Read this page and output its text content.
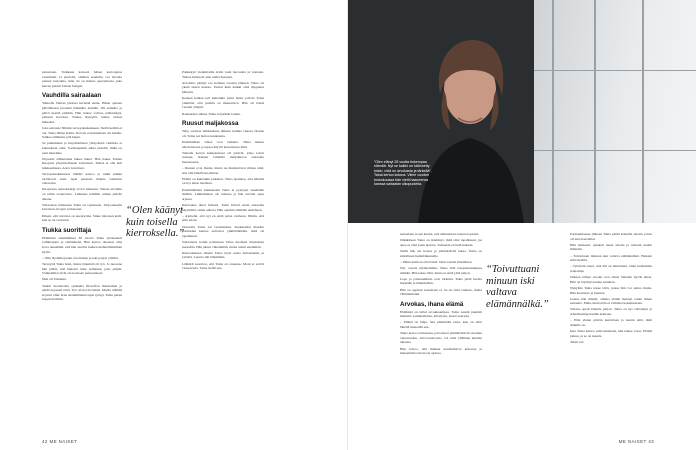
paistetaan. Tarkkaan katsoen hänen kasvojensa vasemmal- la puolella, ohimon seudulla, voi havaita pienen varjoama- man. Se on muisto operaatiosta, joka kerran pelasti Tainan hengen.

Vauhdilla sairaalaan

Tahkolla Tainan jaloissa kivistää ensin. Hänet ajetaan päivälliseen puoleltä läheisille laduille. Oli aamulla ja päivä kestää pitkään. Hän tuntee vahvaa päänsärkyä, paineen korvissa. Tuntee täyteyttä, tuntee olonsa heikoksi.

Joka sairaana Nilsiän terveyskeskukseen. Siellä ketään ei ole. Taina lähtee kotiin. Kotona ei kuitenkaan ole ketään. Sulkee silmänsä, pää kipeä.

Se puhumisen ja kirjoittamisen yhteydessä vammaa ei kuitenkaan ollut. Sormenpäistä alkaa pistellä, mikä on uusi tuntemus.

Nopeasti ambulanssi hakee hänet. Hän hakee Tainan Kuopion yliopistolliseen sairaalaan. Tainaa ei olla heti leikkaamassa. Aivot kuvataan.

Terveyskeskuksessa lääkäri katsoo ja tutkii kaikki tarvittavat asiat. Ajan puolesta tilanne vaikuttaa vakavalta.

Kuopiossa neurokirurgi arvioi tilanteen. Tainan aivoihin on tullut verenvuoto. Leikkaus tehdään saman päivän aikana.

Sairaalaan tullessaan Taina on tajuissaan. Varjoaineella kuvataan aivojen verisuonet.

Ilmeni, että aivoissa on aneurysma. Sinne laitetaan koili, kun se on vuotanut.

Tiukka suorittaja

Elämänsä ensimmäiset 30 vuotta Taina työskenteli toimittajana ja esimiehenä. Hän kertoo olleensa aina kova tekemään, että hän suoritti kaiken mahdollisimman hyvin.

– Olin täydellisyyden tavoittelija ja teki paljon ylitöitä.

Terveyttä Taina hoiti, mutta tärkeintä oli työ. Jo nuorena hän päätti, että hänestä tulee sellainen, joka pärjää. Vanhemmat eivät ole koskaan painostaneet.

Niin oli Tainakin.

Tuntui luontevalta opiskella filosofian maisteriksi ja tehdä nopeasti töitä. Työ oli hyvin tärkeä. Muuta elämää ei juuri ollut. Kun ensimmäinen lapsi syntyi, Taina palasi nopeasti töihin.

“Olen käänyt kuin toisella kierroksella.”

Palkkatyö vientimaille alalla vaati luovuutta ja vastuuta. Tainaa kiinnosti aina uudet haasteet.

Avioliitto päättyi ero kolmen vuoden jälkeen. Taina oli yksin lasten kanssa. Tuntui kuin kaikki olisi riippunut hänestä.

Kesken kaiken tuli kuitenkin pieni hetki, jolloin Taina ymmärsi, että jotakin on muutettava. Hän oli töissä vuoden ympäri.

Raskauden aikana Taina sai pitkän loman.

Ruusut maljakossa

Tehy osoittaa leikkauksen jälkeen kuinka vakava tilanne oli. Taina sai hoitoa kuukausia.

Ensimmäiset viikot ovat vaikeita. Taina makaa tehohoidossa ja lapset käyvät katsomassa äitiä.

Tainalla kerran kuukaudessa oli ystäviä, jotka toivat ruusuja. Ruusut laitettiin maljakkoon sairaalan huoneeseen.

– Ruusut ovat ihania, mutta ne muistuttavat minua siitä, että olin lähellä kuolemaa.

Elämä on kuitenkin jatkunut. Taina ajattelee, että hänellä on nyt aikaa itselleen.

Ensimmäisinä kuukausina Taina ei pystynyt tekemään mitään. Liikkuminen oli vaikeaa ja hän tarvitsi apua arjessa.

Kuntoutus alkoi hitaasti. Taina käveli ensin sairaalan käytävillä, sitten ulkona. Hän opetteli elämään uudelleen.

– Ajattelin, että nyt en enää palaa vanhaan. Päätin, että elän toisin.

Osastolla Taina sai vertaistukea. Keskustelut muiden potilaiden kanssa auttoivat ymmärtämään, mitä oli tapahtunut.

Sairaalasta kotiin palattuaan Taina huomasi muutoksia itsessään. Hän jaksoi vähemmän, mutta nautti enemmän.

Kuntoutuksen aikana Taina löysi uusia harrastuksia ja ystäviä. Luonto tuli lähemmäs.

Lääkärit sanoivat, että Taina on onnekas. Moni ei selviä vastaavasta. Taina tietää sen.

42 ME NAISET	ME NAISET 43
”Olen elänyt 25 vuotta tiukempaa elämää. Nyt se kaikki on käännetty toisin, mitä on arvokasta ja tärkeää”, Taina kertoo kotona. Viime vuoden toukokuussa hän vietti haaveensa kanssa sairaalan ulkopuolella.

sairaalaan ja sen kautta, että ambulanssi saapui nopeasti.

Jälkikäteen Taina on miettinyt, mitä olisi tapahtunut, jos apua ei olisi saatu ajoissa. Vastausta ei tiedä kukaan.

Siellä hän sai hoitoa ja ymmärtävää tukea. Taina on kiitollinen henkilökunnalle.

– Ilman heitä en olisi tässä. Olen todella kiitollinen.

Nyt, vuosia myöhemmin, Taina elää tasapainoisempaa elämää. Hän tekee töitä, mutta ei enää yhtä paljon.

Lepo ja palautuminen ovat tärkeitä. Taina pitää huolta itsestään ja läheisistään.

Hän on oppinut sanomaan ei. Se on ollut vaikeaa, mutta välttämätöntä.

Arvokas, ihana elämä

Elämästä on tullut arvokkaampaa. Taina nauttii pienistä hetkistä: aamukahvista, kävelystä, lasten seurasta.

– Elämä on lahja. Sen ymmärtää vasta, kun on ollut lähellä menettää sen.

Taina kertoo tarinaansa, jotta muut ymmärtäisivät oireiden vakavuuden. Aivoverenvuoto voi tulla yllättäen kenelle tahansa.

Hän toivoo, että ihmiset kuuntelisivat kehoaan ja hakeutuisivat hoitoon ajoissa.

“Toivuttuani minuun iski valtava elämännälkä.”

Paranemisensa jälkeen Taina päätti kokeilla asioita, joista oli aina haaveillut.

Hän matkusti, opiskeli uusia asioita ja tutustui uusiin ihmisiin.

– Toivuttuani minuun iski valtava elämännälkä. Halusin elää täysillä.

– Tyttäreni sanoi, että äiti on muuttunut. Olen kuulemma rennompi.

Jälkeen tulleet vuodet ovat olleet Tainalle hyvää aikaa. Hän on löytänyt uuden suunnan.

Nykyään Taina tekee töitä, joissa hän voi auttaa muita. Hän kouluttaa ja luennoi.

Joskus hän miettii, olisiko elämä mennyt toisin ilman sairautta. Ehkä, mutta hän ei vaihtaisi kokemustaan.

Sairaus opetti hänelle paljon. Taina on nyt vahvempi ja armollisempi itseään kohtaan.

– Elän yhden päivän kerrallaan ja nautin siitä, mitä minulla on.

Kun Taina katsoo tulevaisuuteen, hän näkee valoa. Elämä jatkuu, ja se on kaunis.

Teksti xxx
